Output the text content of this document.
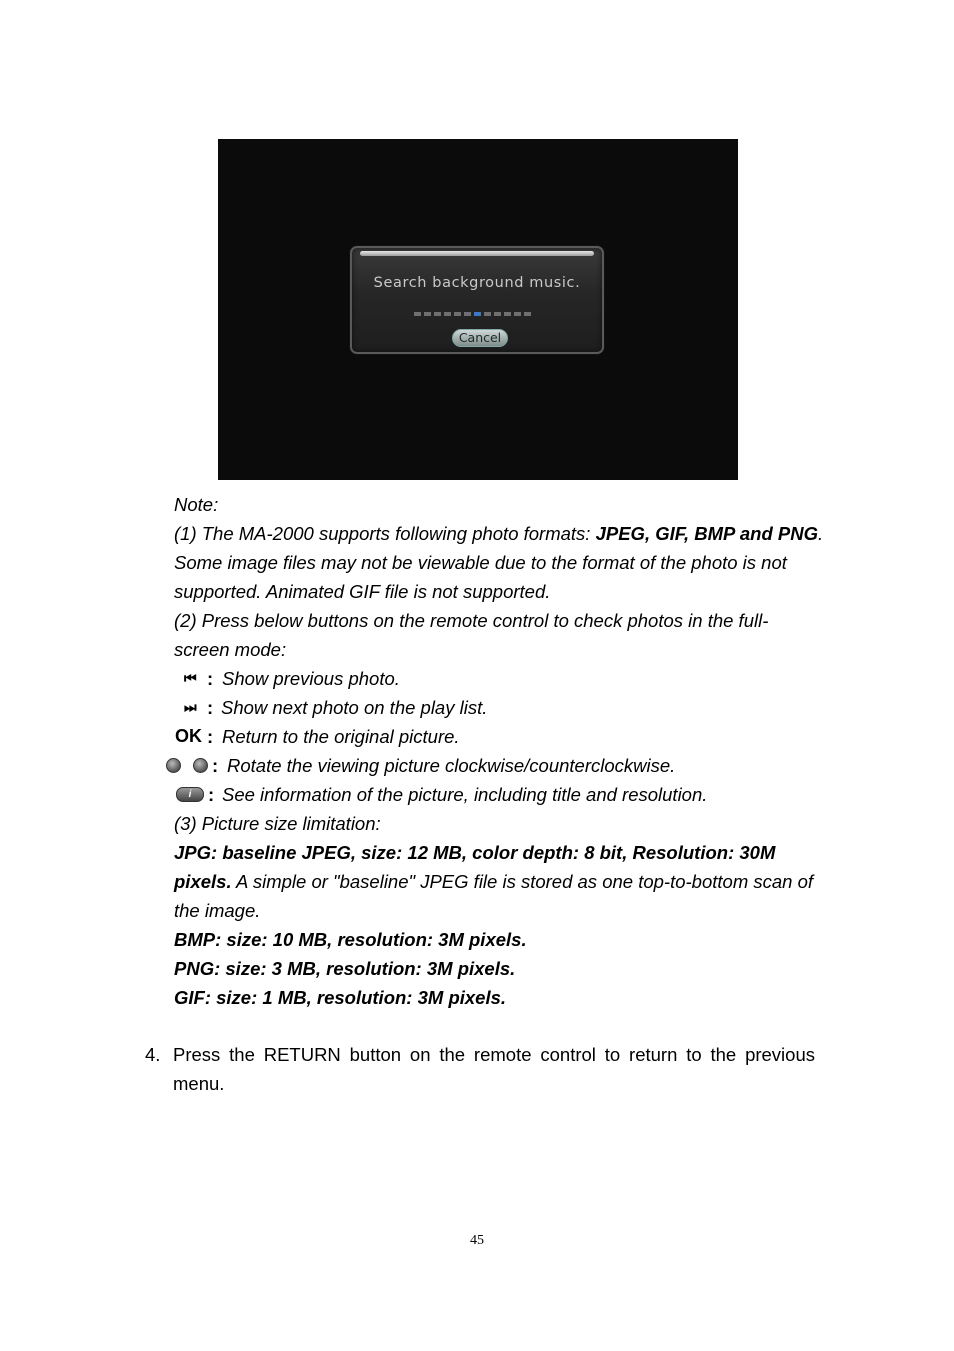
Search background music.
Cancel

Note:

(1) The MA-2000 supports following photo formats: JPEG, GIF, BMP and PNG. Some image files may not be viewable due to the format of the photo is not supported. Animated GIF file is not supported.

(2) Press below buttons on the remote control to check photos in the full-screen mode:

⏮ : Show previous photo.
⏭ : Show next photo on the play list.
OK : Return to the original picture.
: Rotate the viewing picture clockwise/counterclockwise.
i : See information of the picture, including title and resolution.

(3) Picture size limitation:

JPG: baseline JPEG, size: 12 MB, color depth: 8 bit, Resolution: 30M pixels. A simple or "baseline" JPEG file is stored as one top-to-bottom scan of the image.

BMP: size: 10 MB, resolution: 3M pixels.

PNG: size: 3 MB, resolution: 3M pixels.

GIF: size: 1 MB, resolution: 3M pixels.

4. Press the RETURN button on the remote control to return to the previous menu.
45
